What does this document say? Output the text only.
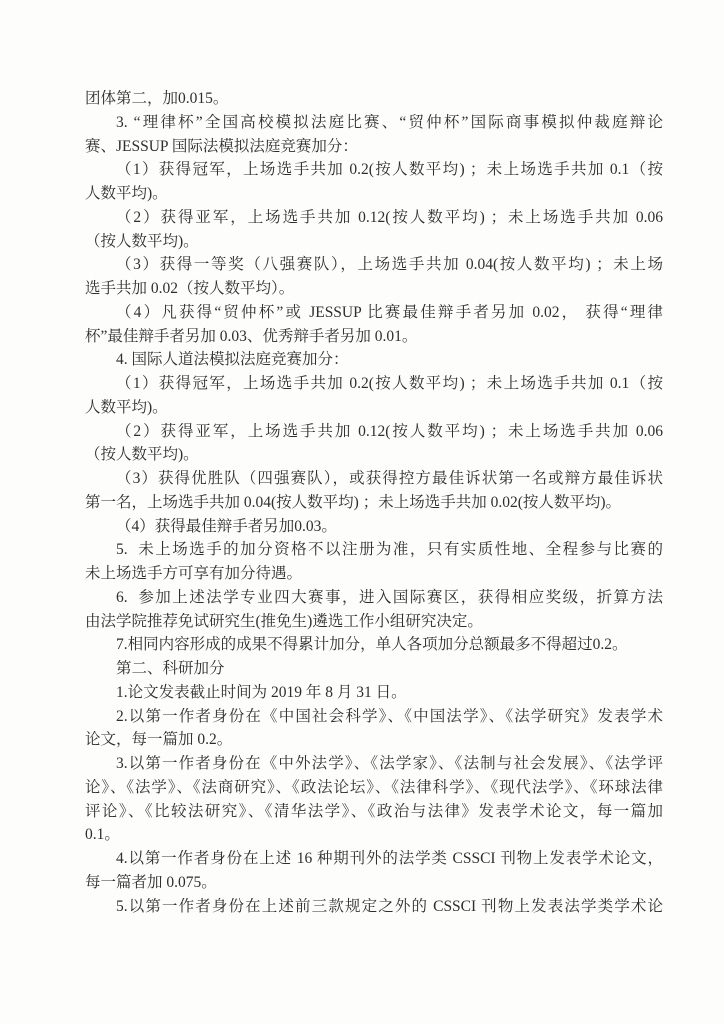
团体第二，加0.015。
3. “理律杯”全国高校模拟法庭比赛、“贸仲杯”国际商事模拟仲裁庭辩论
赛、JESSUP 国际法模拟法庭竞赛加分：
（1）获得冠军，上场选手共加 0.2(按人数平均) ；未上场选手共加 0.1（按
人数平均)。
（2）获得亚军，上场选手共加 0.12(按人数平均) ；未上场选手共加 0.06
（按人数平均)。
（3）获得一等奖（八强赛队），上场选手共加 0.04(按人数平均) ；未上场
选手共加 0.02（按人数平均）。
（4）凡获得“贸仲杯”或 JESSUP 比赛最佳辩手者另加 0.02， 获得“理律
杯”最佳辩手者另加 0.03、优秀辩手者另加 0.01。
4. 国际人道法模拟法庭竞赛加分：
（1）获得冠军，上场选手共加 0.2(按人数平均) ；未上场选手共加 0.1（按
人数平均)。
（2）获得亚军，上场选手共加 0.12(按人数平均) ；未上场选手共加 0.06
（按人数平均)。
（3）获得优胜队（四强赛队），或获得控方最佳诉状第一名或辩方最佳诉状
第一名，上场选手共加 0.04(按人数平均) ；未上场选手共加 0.02(按人数平均)。
（4）获得最佳辩手者另加0.03。
5.  未上场选手的加分资格不以注册为准，只有实质性地、全程参与比赛的
未上场选手方可享有加分待遇。
6.  参加上述法学专业四大赛事，进入国际赛区，获得相应奖级，折算方法
由法学院推荐免试研究生(推免生)遴选工作小组研究决定。
7.相同内容形成的成果不得累计加分，单人各项加分总额最多不得超过0.2。
第二、科研加分
1.论文发表截止时间为 2019 年 8 月 31 日。
2.以第一作者身份在《中国社会科学》、《中国法学》、《法学研究》发表学术
论文，每一篇加 0.2。
3.以第一作者身份在《中外法学》、《法学家》、《法制与社会发展》、《法学评
论》、《法学》、《法商研究》、《政法论坛》、《法律科学》、《现代法学》、《环球法律
评论》、《比较法研究》、《清华法学》、《政治与法律》发表学术论文，每一篇加
0.1。
4.以第一作者身份在上述 16 种期刊外的法学类 CSSCI 刊物上发表学术论文，
每一篇者加 0.075。
5.以第一作者身份在上述前三款规定之外的 CSSCI 刊物上发表法学类学术论
